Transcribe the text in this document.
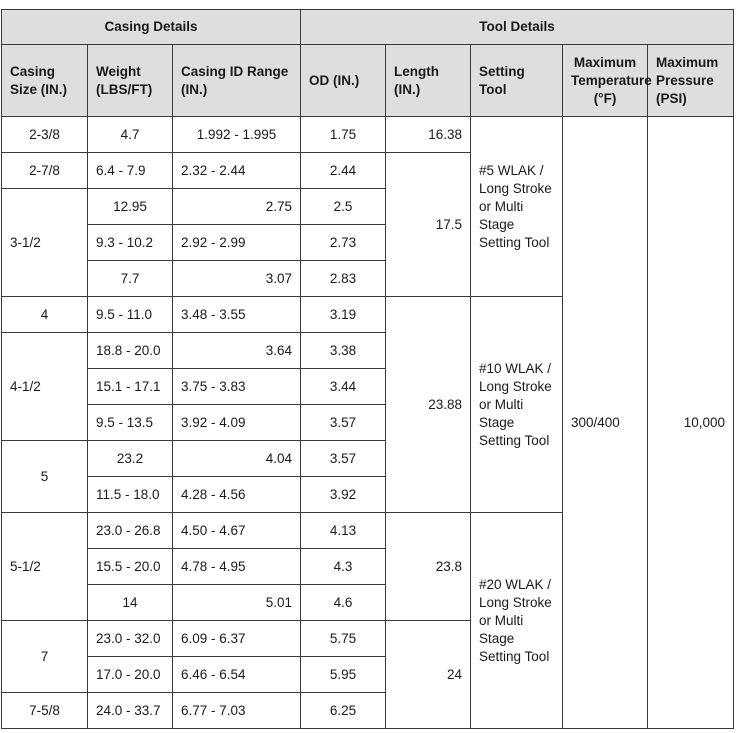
Casing Details			Tool Details				
Casing Size (IN.)	Weight (LBS/FT)	Casing ID Range (IN.)	OD (IN.)	Length (IN.)	Setting Tool	Maximum Temperature (°F)	Maximum Pressure (PSI)
2-3/8	4.7	1.992 - 1.995	1.75	16.38	#5 WLAK / Long Stroke or Multi Stage Setting Tool	300/400	10,000
2-7/8	6.4 - 7.9	2.32 - 2.44	2.44	17.5			
3-1/2	12.95	2.75	2.5				
	9.3 - 10.2	2.92 - 2.99	2.73				
	7.7	3.07	2.83				
4	9.5 - 11.0	3.48 - 3.55	3.19	23.88	#10 WLAK / Long Stroke or Multi Stage Setting Tool		
4-1/2	18.8 - 20.0	3.64	3.38				
	15.1 - 17.1	3.75 - 3.83	3.44				
	9.5 - 13.5	3.92 - 4.09	3.57				
5	23.2	4.04	3.57				
	11.5 - 18.0	4.28 - 4.56	3.92				
5-1/2	23.0 - 26.8	4.50 - 4.67	4.13	23.8	#20 WLAK / Long Stroke or Multi Stage Setting Tool		
	15.5 - 20.0	4.78 - 4.95	4.3				
	14	5.01	4.6				
7	23.0 - 32.0	6.09 - 6.37	5.75	24			
	17.0 - 20.0	6.46 - 6.54	5.95				
7-5/8	24.0 - 33.7	6.77 - 7.03	6.25				
